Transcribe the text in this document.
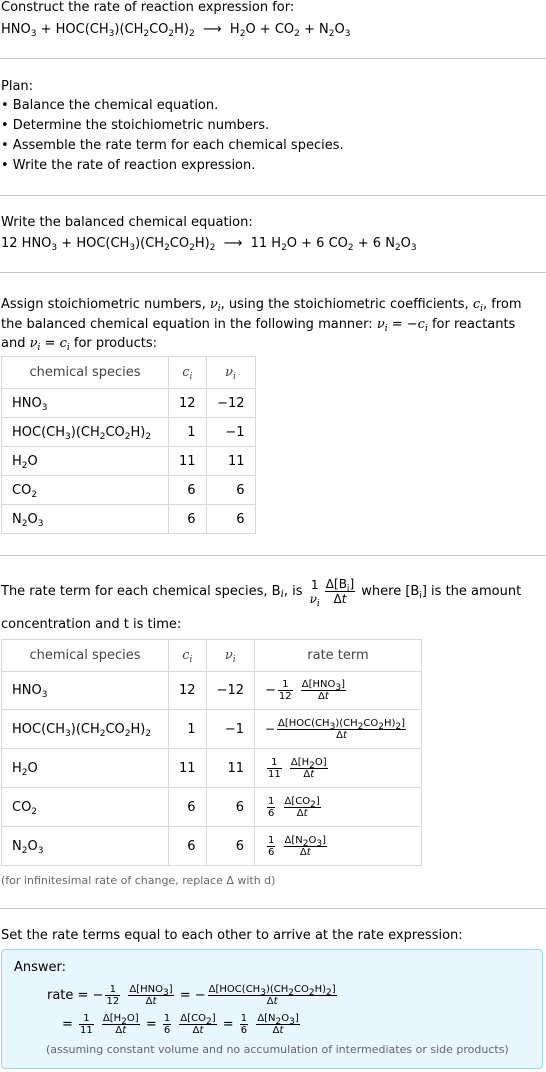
Construct the rate of reaction expression for:
$HNO_3 + HOC(CH_3)(CH_2CO_2H)_2$  ⟶  $H_2O + CO_2 + N_2O_3$
Plan:
• Balance the chemical equation.
• Determine the stoichiometric numbers.
• Assemble the rate term for each chemical species.
• Write the rate of reaction expression.
Write the balanced chemical equation:
12 $HNO_3 + HOC(CH_3)(CH_2CO_2H)_2$  ⟶  11 $H_2O + 6$ $CO_2 + 6$ $N_2O_3$
Assign stoichiometric numbers, $\nu_i$, using the stoichiometric coefficients, $c_i$, from
the balanced chemical equation in the following manner: $\nu_i = -c_i$ for reactants
and $\nu_i = c_i$ for products:
chemical species	$c_i$	$\nu_i$
$HNO_3$	12	−12
$HOC(CH_3)(CH_2CO_2H)_2$	1	−1
$H_2O$	11	11
$CO_2$	6	6
$N_2O_3$	6	6
The rate term for each chemical species, Bi, is 1
$\nu_i \frac{\Delta[B_i]}{\Delta t}$ where $[B_i]$ is the amount
concentration and t is time:
chemical species	$c_i$	$\nu_i$	rate term
$HNO_3$	12	−12	− $\frac{1}{12}$
$\frac{\Delta[HNO_3]}{\Delta t}$

$HOC(CH_3)(CH_2CO_2H)_2$	1	−1	− $\frac{\Delta[HOC(CH_3)(CH_2CO_2H)_2]}{\Delta t}$

$H_2O$	11	11	$\frac{1}{11}$
$\frac{\Delta[H_2O]}{\Delta t}$

$CO_2$	6	6	$\frac{1}{6}$
$\frac{\Delta[CO_2]}{\Delta t}$

$N_2O_3$	6	6	$\frac{1}{6}$
$\frac{\Delta[N_2O_3]}{\Delta t}$
(for infinitesimal rate of change, replace Δ with d)
Set the rate terms equal to each other to arrive at the rate expression:
Answer:
rate = − $\frac{1}{12}$
$\frac{\Delta[HNO_3]}{\Delta t}$ = − $\frac{\Delta[HOC(CH_3)(CH_2CO_2H)_2]}{\Delta t}$
= $\frac{1}{11}$
$\frac{\Delta[H_2O]}{\Delta t} = \frac{1}{6}$
$\frac{\Delta[CO_2]}{\Delta t} = \frac{1}{6}$
$\frac{\Delta[N_2O_3]}{\Delta t}$
(assuming constant volume and no accumulation of intermediates or side products)
